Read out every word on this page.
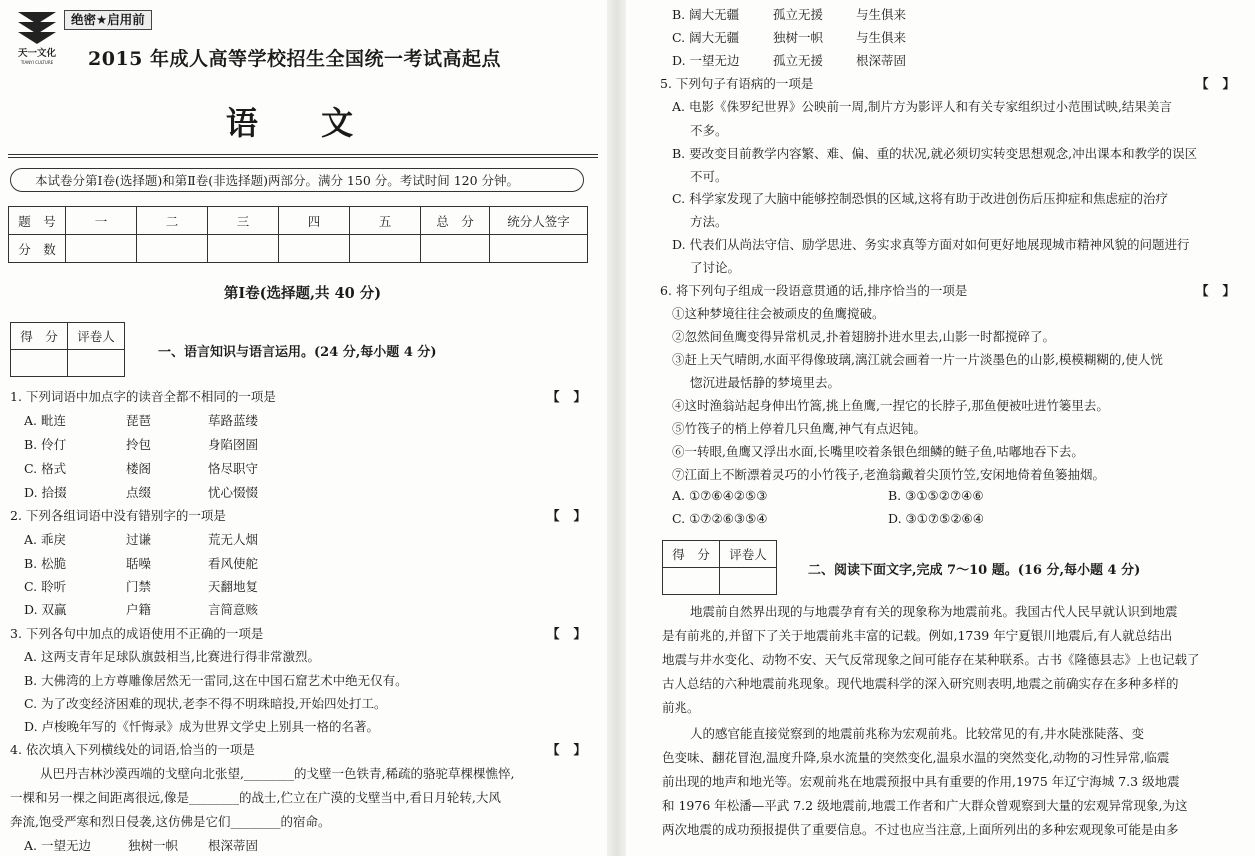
天一文化
TIANYI CULTURE
绝密★启用前
2015 年成人高等学校招生全国统一考试高起点
语 文
本试卷分第Ⅰ卷(选择题)和第Ⅱ卷(非选择题)两部分。满分 150 分。考试时间 120 分钟。
题　号	一	二	三	四	五	总　分	统分人签字
分　数							
第Ⅰ卷(选择题,共 40 分)
得　分	评卷人

一、语言知识与语言运用。(24 分,每小题 4 分)
1. 下列词语中加点字的读音全都不相同的一项是	【】
A. 毗连	琵琶	荜路蓝缕
B. 伶仃	拎包	身陷囹圄
C. 格式	楼阁	恪尽职守
D. 拾掇	点缀	忧心惙惙
2. 下列各组词语中没有错别字的一项是	【】
A. 乖戾	过谦	荒无人烟
B. 松脆	聒噪	看风使舵
C. 聆听	门禁	天翻地复
D. 双赢	户籍	言简意赅
3. 下列各句中加点的成语使用不正确的一项是	【】
A. 这两支青年足球队旗鼓相当,比赛进行得非常激烈。
B. 大佛湾的上方尊雕像居然无一雷同,这在中国石窟艺术中绝无仅有。
C. 为了改变经济困难的现状,老李不得不明珠暗投,开始四处打工。
D. 卢梭晚年写的《忏悔录》成为世界文学史上别具一格的名著。
4. 依次填入下列横线处的词语,恰当的一项是	【】
从巴丹吉林沙漠西端的戈壁向北张望,________的戈壁一色铁青,稀疏的骆驼草棵棵憔悴,
一棵和另一棵之间距离很远,像是________的战士,伫立在广漠的戈壁当中,看日月轮转,大风
奔流,饱受严寒和烈日侵袭,这仿佛是它们________的宿命。
A. 一望无边	独树一帜 根深蒂固
B. 阔大无疆	孤立无援	与生俱来
C. 阔大无疆	独树一帜	与生俱来
D. 一望无边	孤立无援	根深蒂固
5. 下列句子有语病的一项是	【】
A. 电影《侏罗纪世界》公映前一周,制片方为影评人和有关专家组织过小范围试映,结果美言
不多。
B. 要改变目前教学内容繁、难、偏、重的状况,就必须切实转变思想观念,冲出课本和教学的误区
不可。
C. 科学家发现了大脑中能够控制恐惧的区域,这将有助于改进创伤后压抑症和焦虑症的治疗
方法。
D. 代表们从尚法守信、励学思进、务实求真等方面对如何更好地展现城市精神风貌的问题进行
了讨论。
6. 将下列句子组成一段语意贯通的话,排序恰当的一项是	【】
①这种梦境往往会被顽皮的鱼鹰搅破。
②忽然间鱼鹰变得异常机灵,扑着翅膀扑进水里去,山影一时都搅碎了。
③赶上天气晴朗,水面平得像玻璃,漓江就会画着一片一片淡墨色的山影,模模糊糊的,使人恍
惚沉进最恬静的梦境里去。
④这时渔翁站起身伸出竹篙,挑上鱼鹰,一捏它的长脖子,那鱼便被吐进竹篓里去。
⑤竹筏子的梢上停着几只鱼鹰,神气有点迟钝。
⑥一转眼,鱼鹰又浮出水面,长嘴里咬着条银色细鳞的鲢子鱼,咕嘟地吞下去。
⑦江面上不断漂着灵巧的小竹筏子,老渔翁戴着尖顶竹笠,安闲地倚着鱼篓抽烟。
A. ①⑦⑥④②⑤③	B. ③①⑤②⑦④⑥
C. ①⑦②⑥③⑤④	D. ③①⑦⑤②⑥④
得　分	评卷人

二、阅读下面文字,完成 7～10 题。(16 分,每小题 4 分)
地震前自然界出现的与地震孕育有关的现象称为地震前兆。我国古代人民早就认识到地震
是有前兆的,并留下了关于地震前兆丰富的记载。例如,1739 年宁夏银川地震后,有人就总结出
地震与井水变化、动物不安、天气反常现象之间可能存在某种联系。古书《隆德县志》上也记载了
古人总结的六种地震前兆现象。现代地震科学的深入研究则表明,地震之前确实存在多种多样的
前兆。
人的感官能直接觉察到的地震前兆称为宏观前兆。比较常见的有,井水陡涨陡落、变
色变味、翻花冒泡,温度升降,泉水流量的突然变化,温泉水温的突然变化,动物的习性异常,临震
前出现的地声和地光等。宏观前兆在地震预报中具有重要的作用,1975 年辽宁海城 7.3 级地震
和 1976 年松潘—平武 7.2 级地震前,地震工作者和广大群众曾观察到大量的宏观异常现象,为这
两次地震的成功预报提供了重要信息。不过也应当注意,上面所列出的多种宏观现象可能是由多
